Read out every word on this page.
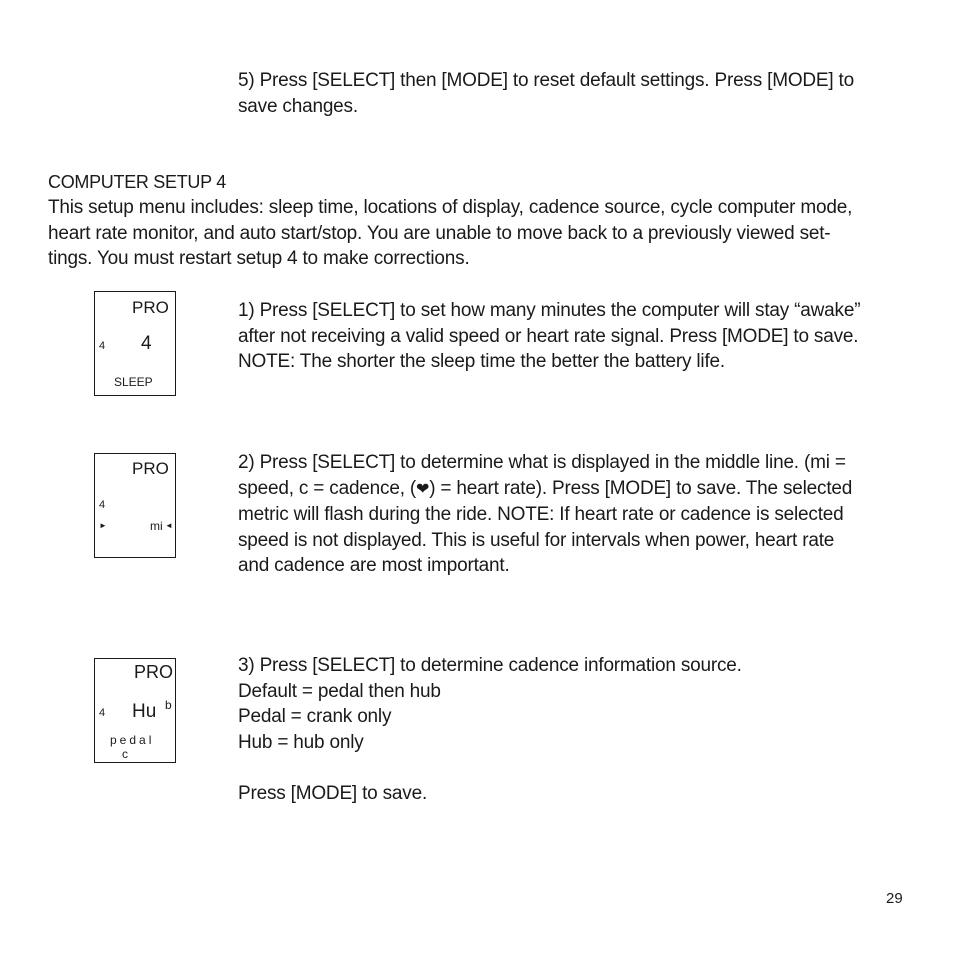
5) Press [SELECT] then [MODE] to reset default settings. Press [MODE] to
save changes.
COMPUTER SETUP 4
This setup menu includes: sleep time, locations of display, cadence source, cycle computer mode,
heart rate monitor, and auto start/stop. You are unable to move back to a previously viewed set-
tings. You must restart setup 4 to make corrections.
PRO
4 4
SLEEP
1) Press [SELECT] to set how many minutes the computer will stay “awake”
after not receiving a valid speed or heart rate signal. Press [MODE] to save.
NOTE: The shorter the sleep time the better the battery life.
PRO
4
►	mi ◄
2) Press [SELECT] to determine what is displayed in the middle line. (mi =
speed, c = cadence, (❤) = heart rate). Press [MODE] to save. The selected
metric will flash during the ride. NOTE: If heart rate or cadence is selected
speed is not displayed. This is useful for intervals when power, heart rate
and cadence are most important.
PRO
4 Hu b
pedal
c
3) Press [SELECT] to determine cadence information source.
Default = pedal then hub
Pedal = crank only
Hub = hub only
Press [MODE] to save.
29
